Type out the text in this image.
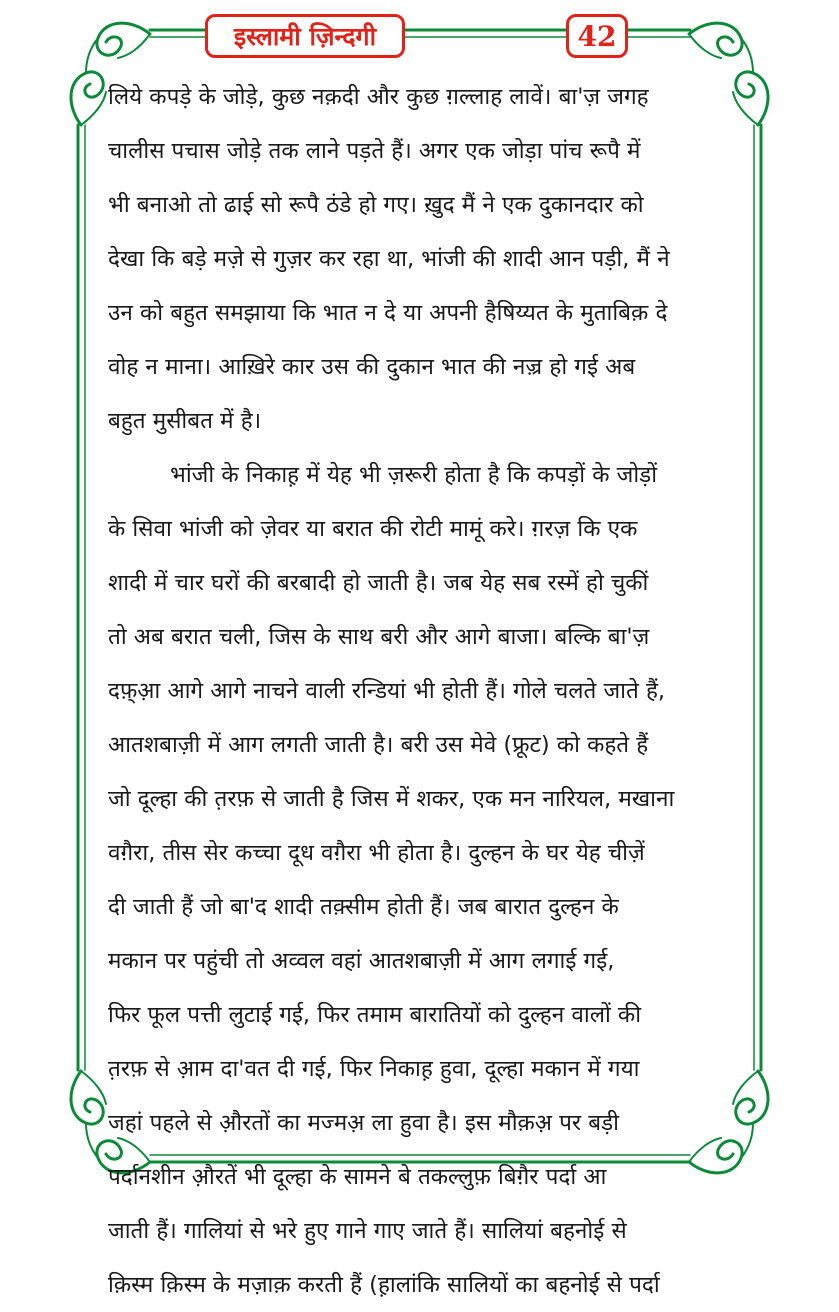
इस्लामी ज़िन्दगी	42
लिये कपड़े के जोड़े, कुछ नक़दी और कुछ ग़ल्लाह लावें। बा'ज़ जगह
चालीस पचास जोड़े तक लाने पड़ते हैं। अगर एक जोड़ा पांच रूपै में
भी बनाओ तो ढाई सो रूपै ठंडे हो गए। ख़ुद मैं ने एक दुकानदार को
देखा कि बड़े मज़े से गुज़र कर रहा था, भांजी की शादी आन पड़ी, मैं ने
उन को बहुत समझाया कि भात न दे या अपनी हैषिय्यत के मुताबिक़ दे
वोह न माना। आख़िरे कार उस की दुकान भात की नज़्र हो गई अब
बहुत मुसीबत में है।
भांजी के निकाह़ में येह भी ज़रूरी होता है कि कपड़ों के जोड़ों
के सिवा भांजी को ज़ेवर या बरात की रोटी मामूं करे। ग़रज़ कि एक
शादी में चार घरों की बरबादी हो जाती है। जब येह सब रस्में हो चुकीं
तो अब बरात चली, जिस के साथ बरी और आगे बाजा। बल्कि बा'ज़
दफ़्आ़ आगे आगे नाचने वाली रन्डियां भी होती हैं। गोले चलते जाते हैं,
आतशबाज़ी में आग लगती जाती है। बरी उस मेवे (फ्रूट) को कहते हैं
जो दूल्हा की त़रफ़ से जाती है जिस में शकर, एक मन नारियल, मखाना
वग़ैरा, तीस सेर कच्चा दूध वग़ैरा भी होता है। दुल्हन के घर येह चीज़ें
दी जाती हैं जो बा'द शादी तक़्सीम होती हैं। जब बारात दुल्हन के
मकान पर पहुंची तो अव्वल वहां आतशबाज़ी में आग लगाई गई,
फिर फूल पत्ती लुटाई गई, फिर तमाम बारातियों को दुल्हन वालों की
त़रफ़ से आ़म दा'वत दी गई, फिर निकाह़ हुवा, दूल्हा मकान में गया
जहां पहले से औ़रतों का मज्मअ़ ला हुवा है। इस मौक़अ़ पर बड़ी
पर्दानशीन औ़रतें भी दूल्हा के सामने बे तकल्लुफ़ बिग़ैर पर्दा आ
जाती हैं। गालियां से भरे हुए गाने गाए जाते हैं। सालियां बहनोई से
क़िस्म क़िस्म के मज़ाक़ करती हैं (ह़ालांकि सालियों का बहनोई से पर्दा
